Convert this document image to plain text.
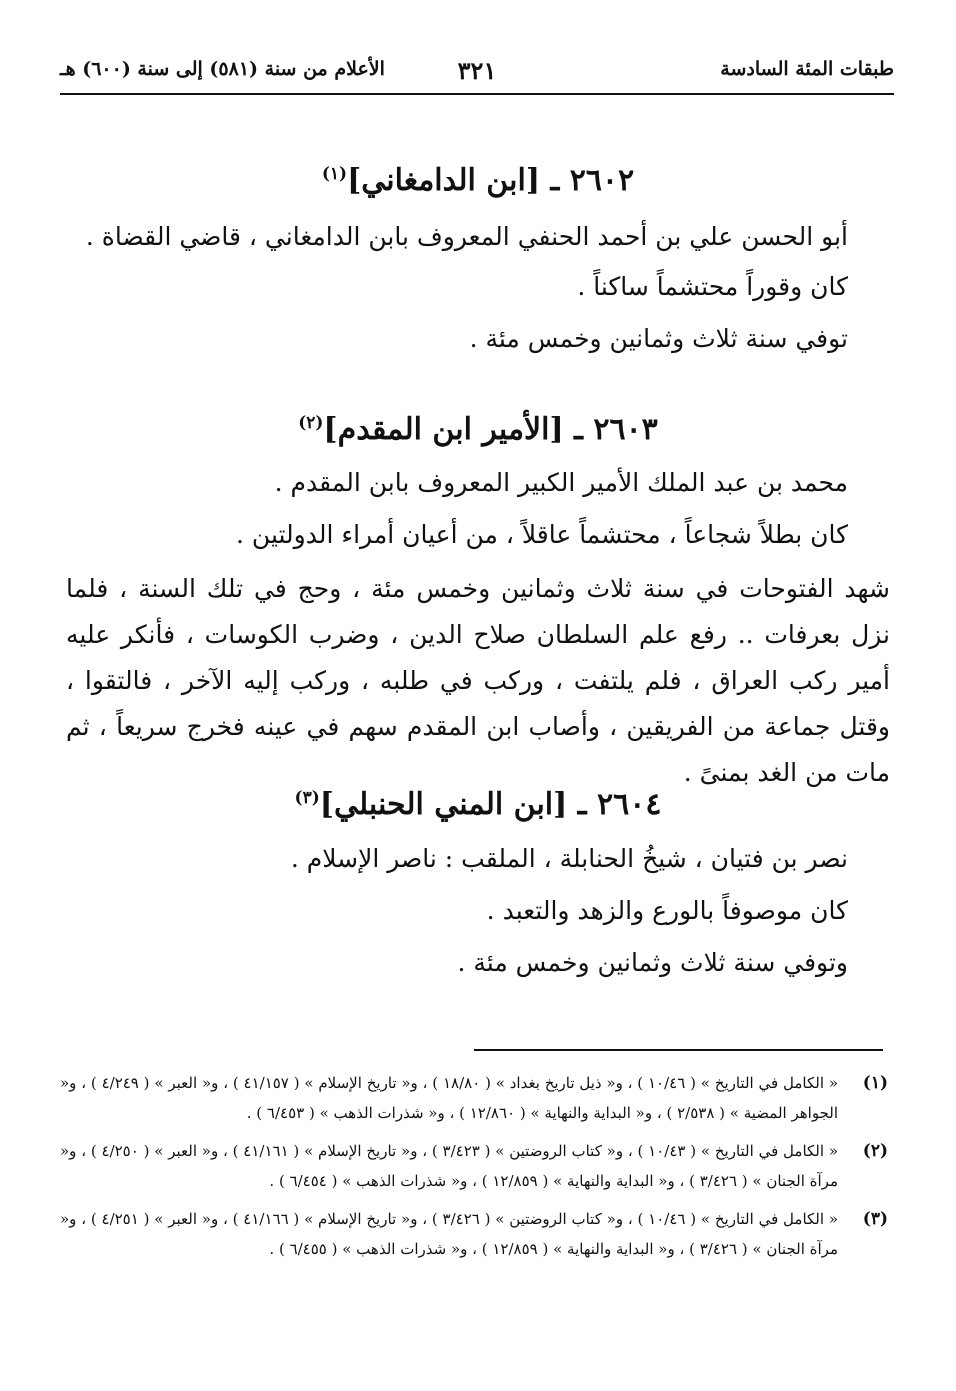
طبقات المئة السادسة
٣٢١
الأعلام من سنة (٥٨١) إلى سنة (٦٠٠) هـ
٢٦٠٢ ـ [ابن الدامغاني]$^{(١)}$
أبو الحسن علي بن أحمد الحنفي المعروف بابن الدامغاني ، قاضي القضاة .
كان وقوراً محتشماً ساكناً .
توفي سنة ثلاث وثمانين وخمس مئة .
٢٦٠٣ ـ [الأمير ابن المقدم]$^{(٢)}$
محمد بن عبد الملك الأمير الكبير المعروف بابن المقدم .
كان بطلاً شجاعاً ، محتشماً عاقلاً ، من أعيان أمراء الدولتين .
شهد الفتوحات في سنة ثلاث وثمانين وخمس مئة ، وحج في تلك السنة ، فلما نزل بعرفات .. رفع علم السلطان صلاح الدين ، وضرب الكوسات ، فأنكر عليه أمير ركب العراق ، فلم يلتفت ، وركب في طلبه ، وركب إليه الآخر ، فالتقوا ، وقتل جماعة من الفريقين ، وأصاب ابن المقدم سهم في عينه فخرج سريعاً ، ثم مات من الغد بمنىً .
٢٦٠٤ ـ [ابن المني الحنبلي]$^{(٣)}$
نصر بن فتيان ، شيخُ الحنابلة ، الملقب : ناصر الإسلام .
كان موصوفاً بالورع والزهد والتعبد .
وتوفي سنة ثلاث وثمانين وخمس مئة .
(١)
« الكامل في التاريخ » ( ١٠/٤٦ ) ، و« ذيل تاريخ بغداد » ( ١٨/٨٠ ) ، و« تاريخ الإسلام » ( ٤١/١٥٧ ) ، و« العبر » ( ٤/٢٤٩ ) ، و« الجواهر المضية » ( ٢/٥٣٨ ) ، و« البداية والنهاية » ( ١٢/٨٦٠ ) ، و« شذرات الذهب » ( ٦/٤٥٣ ) .
(٢)
« الكامل في التاريخ » ( ١٠/٤٣ ) ، و« كتاب الروضتين » ( ٣/٤٢٣ ) ، و« تاريخ الإسلام » ( ٤١/١٦١ ) ، و« العبر » ( ٤/٢٥٠ ) ، و« مرآة الجنان » ( ٣/٤٢٦ ) ، و« البداية والنهاية » ( ١٢/٨٥٩ ) ، و« شذرات الذهب » ( ٦/٤٥٤ ) .
(٣)
« الكامل في التاريخ » ( ١٠/٤٦ ) ، و« كتاب الروضتين » ( ٣/٤٢٦ ) ، و« تاريخ الإسلام » ( ٤١/١٦٦ ) ، و« العبر » ( ٤/٢٥١ ) ، و« مرآة الجنان » ( ٣/٤٢٦ ) ، و« البداية والنهاية » ( ١٢/٨٥٩ ) ، و« شذرات الذهب » ( ٦/٤٥٥ ) .
